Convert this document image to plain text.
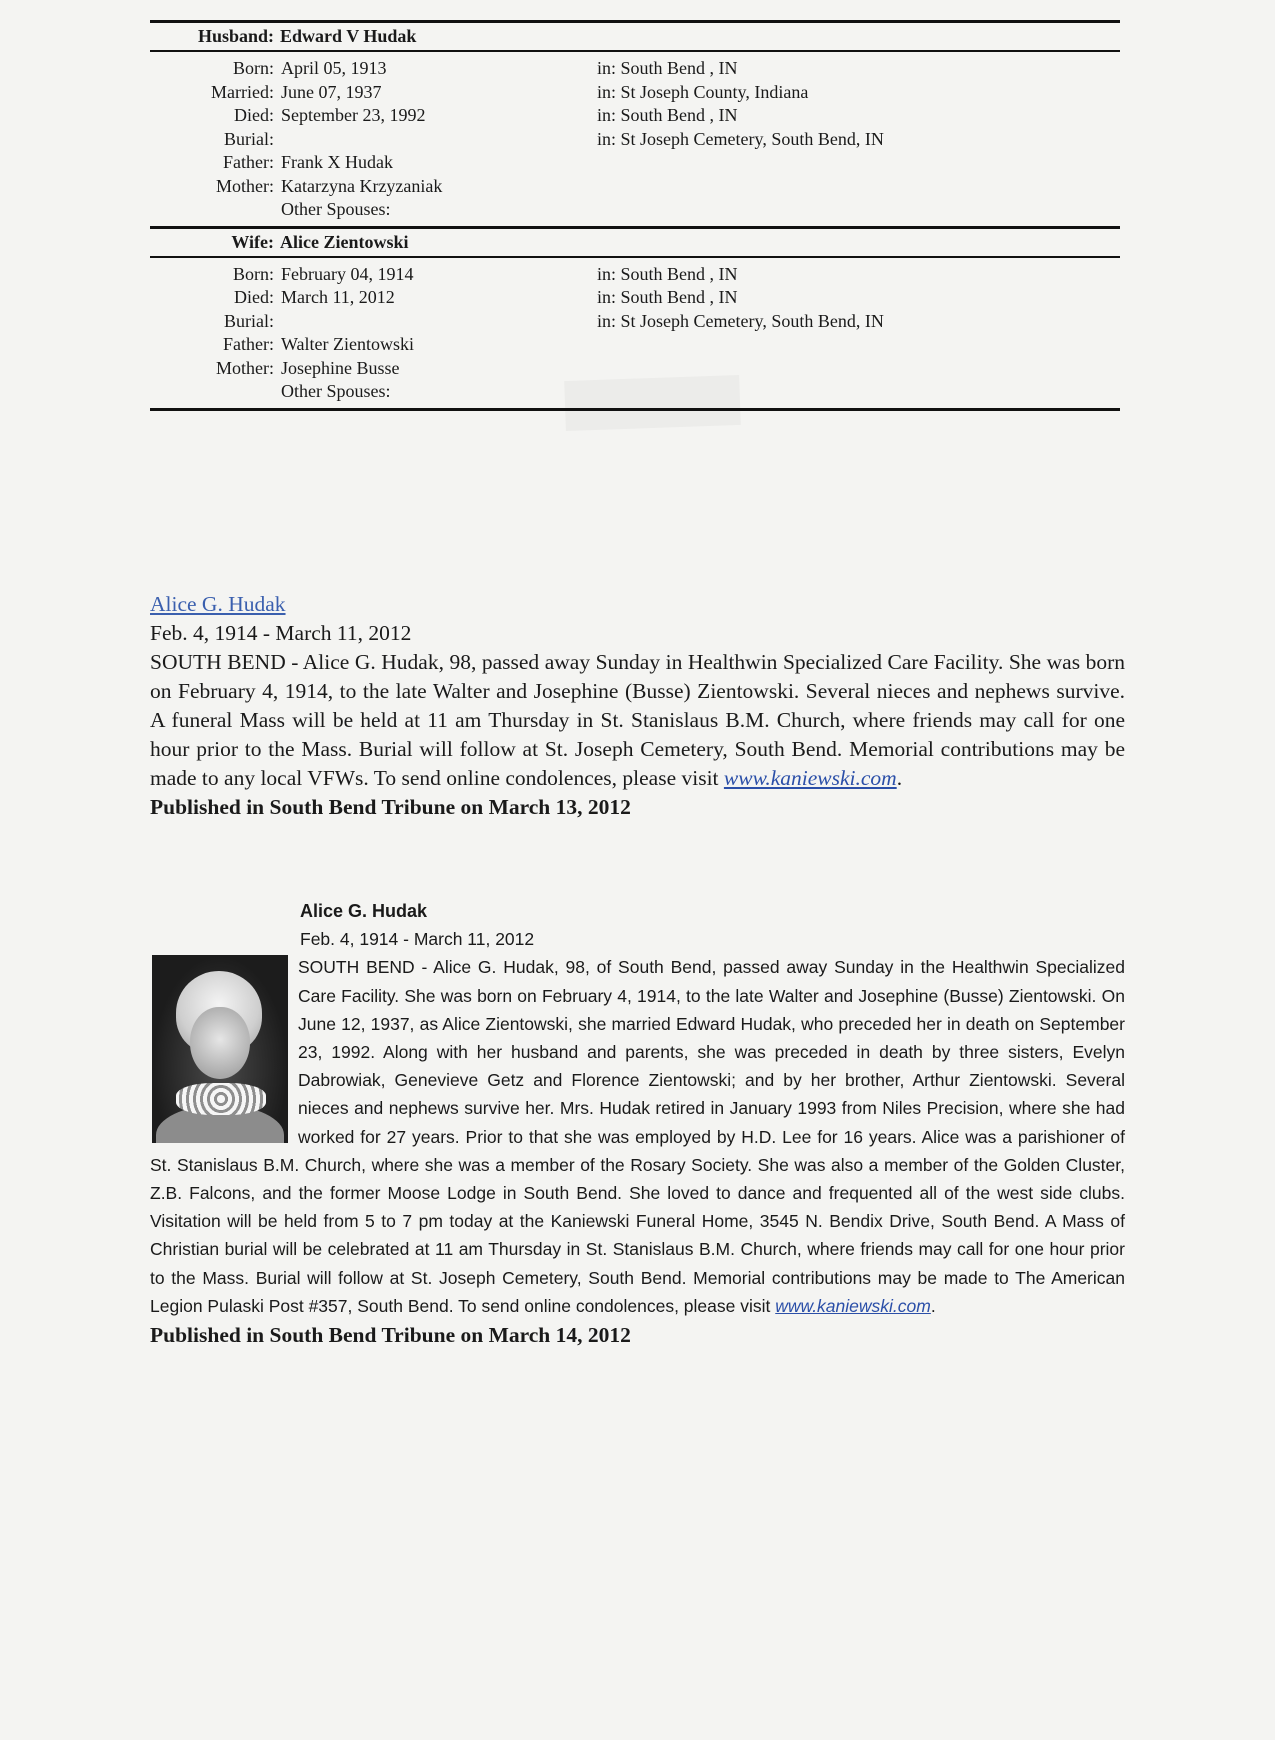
Husband: Edward V Hudak
Born: April 05, 1913	in: South Bend , IN
Married: June 07, 1937	in: St Joseph County, Indiana
Died: September 23, 1992	in: South Bend , IN
Burial:	in: St Joseph Cemetery, South Bend, IN
Father: Frank X Hudak
Mother: Katarzyna Krzyzaniak
Other Spouses:
Wife: Alice Zientowski
Born: February 04, 1914	in: South Bend , IN
Died: March 11, 2012	in: South Bend , IN
Burial:	in: St Joseph Cemetery, South Bend, IN
Father: Walter Zientowski
Mother: Josephine Busse
Other Spouses:
Alice G. Hudak
Feb. 4, 1914 - March 11, 2012
SOUTH BEND - Alice G. Hudak, 98, passed away Sunday in Healthwin Specialized Care Facility. She was born on February 4, 1914, to the late Walter and Josephine (Busse) Zientowski. Several nieces and nephews survive. A funeral Mass will be held at 11 am Thursday in St. Stanislaus B.M. Church, where friends may call for one hour prior to the Mass. Burial will follow at St. Joseph Cemetery, South Bend. Memorial contributions may be made to any local VFWs. To send online condolences, please visit www.kaniewski.com.
Published in South Bend Tribune on March 13, 2012
Alice G. Hudak
Feb. 4, 1914 - March 11, 2012
SOUTH BEND - Alice G. Hudak, 98, of South Bend, passed away Sunday in the Healthwin Specialized Care Facility. She was born on February 4, 1914, to the late Walter and Josephine (Busse) Zientowski. On June 12, 1937, as Alice Zientowski, she married Edward Hudak, who preceded her in death on September 23, 1992. Along with her husband and parents, she was preceded in death by three sisters, Evelyn Dabrowiak, Genevieve Getz and Florence Zientowski; and by her brother, Arthur Zientowski. Several nieces and nephews survive her. Mrs. Hudak retired in January 1993 from Niles Precision, where she had worked for 27 years. Prior to that she was employed by H.D. Lee for 16 years. Alice was a parishioner of St. Stanislaus B.M. Church, where she was a member of the Rosary Society. She was also a member of the Golden Cluster, Z.B. Falcons, and the former Moose Lodge in South Bend. She loved to dance and frequented all of the west side clubs. Visitation will be held from 5 to 7 pm today at the Kaniewski Funeral Home, 3545 N. Bendix Drive, South Bend. A Mass of Christian burial will be celebrated at 11 am Thursday in St. Stanislaus B.M. Church, where friends may call for one hour prior to the Mass. Burial will follow at St. Joseph Cemetery, South Bend. Memorial contributions may be made to The American Legion Pulaski Post #357, South Bend. To send online condolences, please visit www.kaniewski.com.
Published in South Bend Tribune on March 14, 2012
